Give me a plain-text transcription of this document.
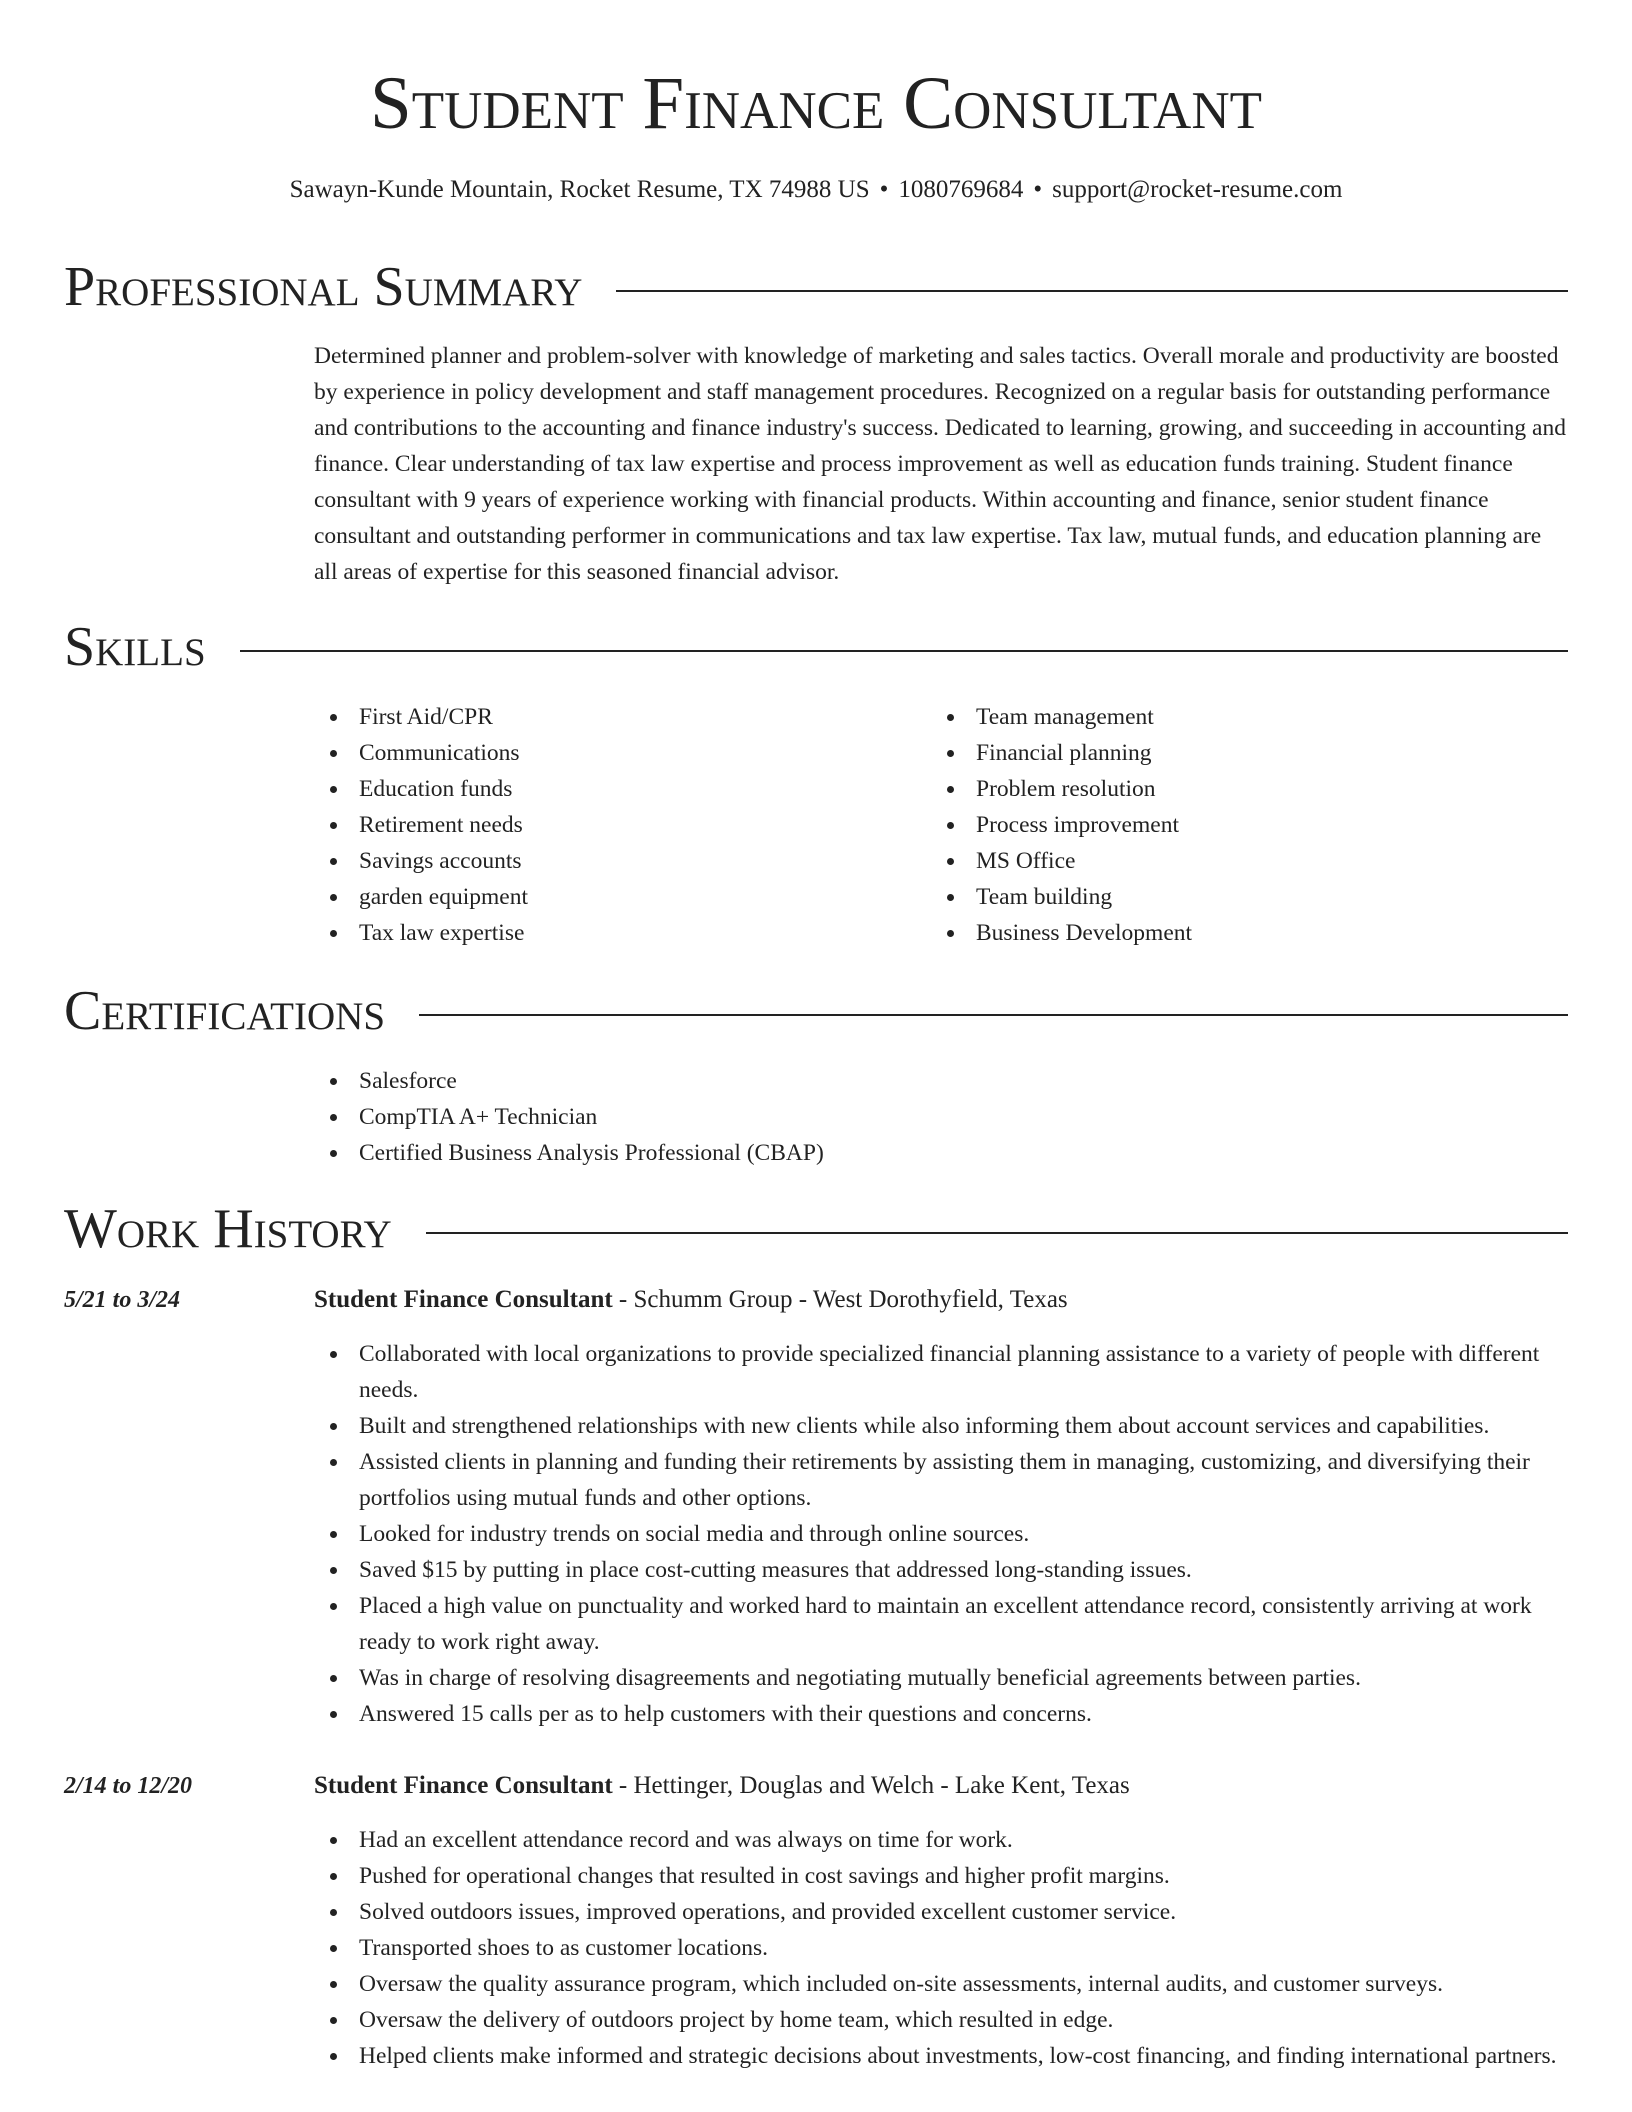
Student Finance Consultant
Sawayn-Kunde Mountain, Rocket Resume, TX 74988 US • 1080769684 • support@rocket-resume.com
Professional Summary

Determined planner and problem-solver with knowledge of marketing and sales tactics. Overall morale and productivity are boosted by experience in policy development and staff management procedures. Recognized on a regular basis for outstanding performance and contributions to the accounting and finance industry's success. Dedicated to learning, growing, and succeeding in accounting and finance. Clear understanding of tax law expertise and process improvement as well as education funds training. Student finance consultant with 9 years of experience working with financial products. Within accounting and finance, senior student finance consultant and outstanding performer in communications and tax law expertise. Tax law, mutual funds, and education planning are all areas of expertise for this seasoned financial advisor.

Skills
First Aid/CPR
Communications
Education funds
Retirement needs
Savings accounts
garden equipment
Tax law expertise
Team management
Financial planning
Problem resolution
Process improvement
MS Office
Team building
Business Development
Certifications
Salesforce
CompTIA A+ Technician
Certified Business Analysis Professional (CBAP)
Work History
5/21 to 3/24	Student Finance Consultant - Schumm Group - West Dorothyfield, Texas
Collaborated with local organizations to provide specialized financial planning assistance to a variety of people with different needs.
Built and strengthened relationships with new clients while also informing them about account services and capabilities.
Assisted clients in planning and funding their retirements by assisting them in managing, customizing, and diversifying their portfolios using mutual funds and other options.
Looked for industry trends on social media and through online sources.
Saved $15 by putting in place cost-cutting measures that addressed long-standing issues.
Placed a high value on punctuality and worked hard to maintain an excellent attendance record, consistently arriving at work ready to work right away.
Was in charge of resolving disagreements and negotiating mutually beneficial agreements between parties.
Answered 15 calls per as to help customers with their questions and concerns.
2/14 to 12/20	Student Finance Consultant - Hettinger, Douglas and Welch - Lake Kent, Texas
Had an excellent attendance record and was always on time for work.
Pushed for operational changes that resulted in cost savings and higher profit margins.
Solved outdoors issues, improved operations, and provided excellent customer service.
Transported shoes to as customer locations.
Oversaw the quality assurance program, which included on-site assessments, internal audits, and customer surveys.
Oversaw the delivery of outdoors project by home team, which resulted in edge.
Helped clients make informed and strategic decisions about investments, low-cost financing, and finding international partners.
